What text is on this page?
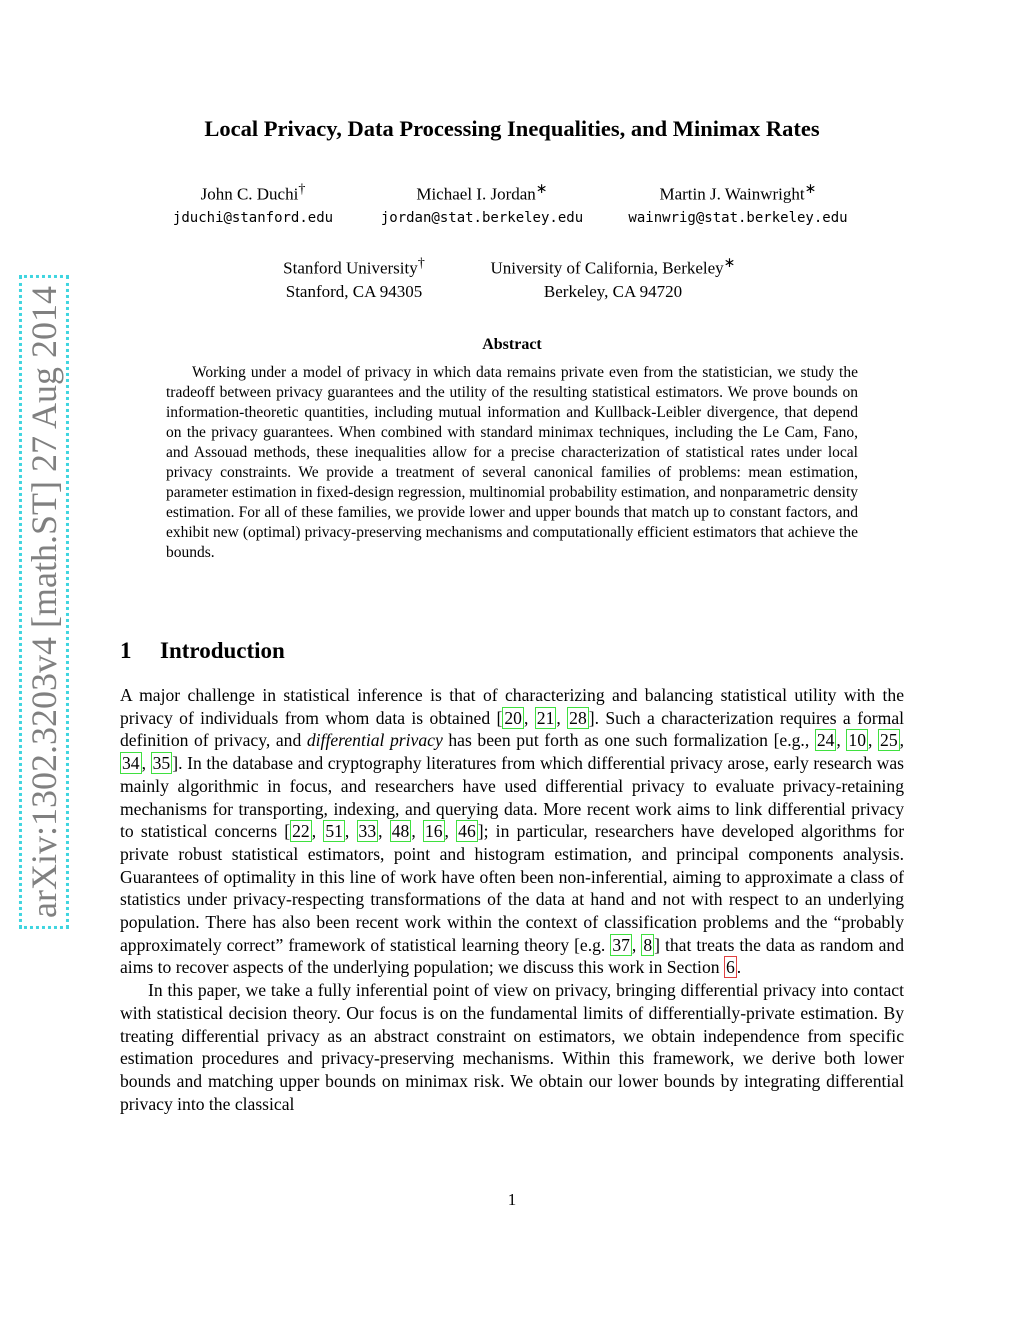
arXiv:1302.3203v4 [math.ST] 27 Aug 2014
Local Privacy, Data Processing Inequalities, and Minimax Rates
John C. Duchi†
jduchi@stanford.edu
Michael I. Jordan∗
jordan@stat.berkeley.edu
Martin J. Wainwright∗
wainwrig@stat.berkeley.edu
Stanford University†
Stanford, CA 94305
University of California, Berkeley∗
Berkeley, CA 94720
Abstract

Working under a model of privacy in which data remains private even from the statistician, we study the tradeoff between privacy guarantees and the utility of the resulting statistical estimators. We prove bounds on information-theoretic quantities, including mutual information and Kullback-Leibler divergence, that depend on the privacy guarantees. When combined with standard minimax techniques, including the Le Cam, Fano, and Assouad methods, these inequalities allow for a precise characterization of statistical rates under local privacy constraints. We provide a treatment of several canonical families of problems: mean estimation, parameter estimation in fixed-design regression, multinomial probability estimation, and nonparametric density estimation. For all of these families, we provide lower and upper bounds that match up to constant factors, and exhibit new (optimal) privacy-preserving mechanisms and computationally efficient estimators that achieve the bounds.

1 Introduction

A major challenge in statistical inference is that of characterizing and balancing statistical utility with the privacy of individuals from whom data is obtained [ 20 , 21 , 28 ]. Such a characterization requires a formal definition of privacy, and differential privacy has been put forth as one such formalization [e.g., 24 , 10 , 25 , 34 , 35 ]. In the database and cryptography literatures from which differential privacy arose, early research was mainly algorithmic in focus, and researchers have used differential privacy to evaluate privacy-retaining mechanisms for transporting, indexing, and querying data. More recent work aims to link differential privacy to statistical concerns [ 22 , 51 , 33 , 48 , 16 , 46 ]; in particular, researchers have developed algorithms for private robust statistical estimators, point and histogram estimation, and principal components analysis. Guarantees of optimality in this line of work have often been non-inferential, aiming to approximate a class of statistics under privacy-respecting transformations of the data at hand and not with respect to an underlying population. There has also been recent work within the context of classification problems and the “probably approximately correct” framework of statistical learning theory [e.g. 37 , 8 ] that treats the data as random and aims to recover aspects of the underlying population; we discuss this work in Section 6 .

In this paper, we take a fully inferential point of view on privacy, bringing differential privacy into contact with statistical decision theory. Our focus is on the fundamental limits of differentially-private estimation. By treating differential privacy as an abstract constraint on estimators, we obtain independence from specific estimation procedures and privacy-preserving mechanisms. Within this framework, we derive both lower bounds and matching upper bounds on minimax risk. We obtain our lower bounds by integrating differential privacy into the classical

1
